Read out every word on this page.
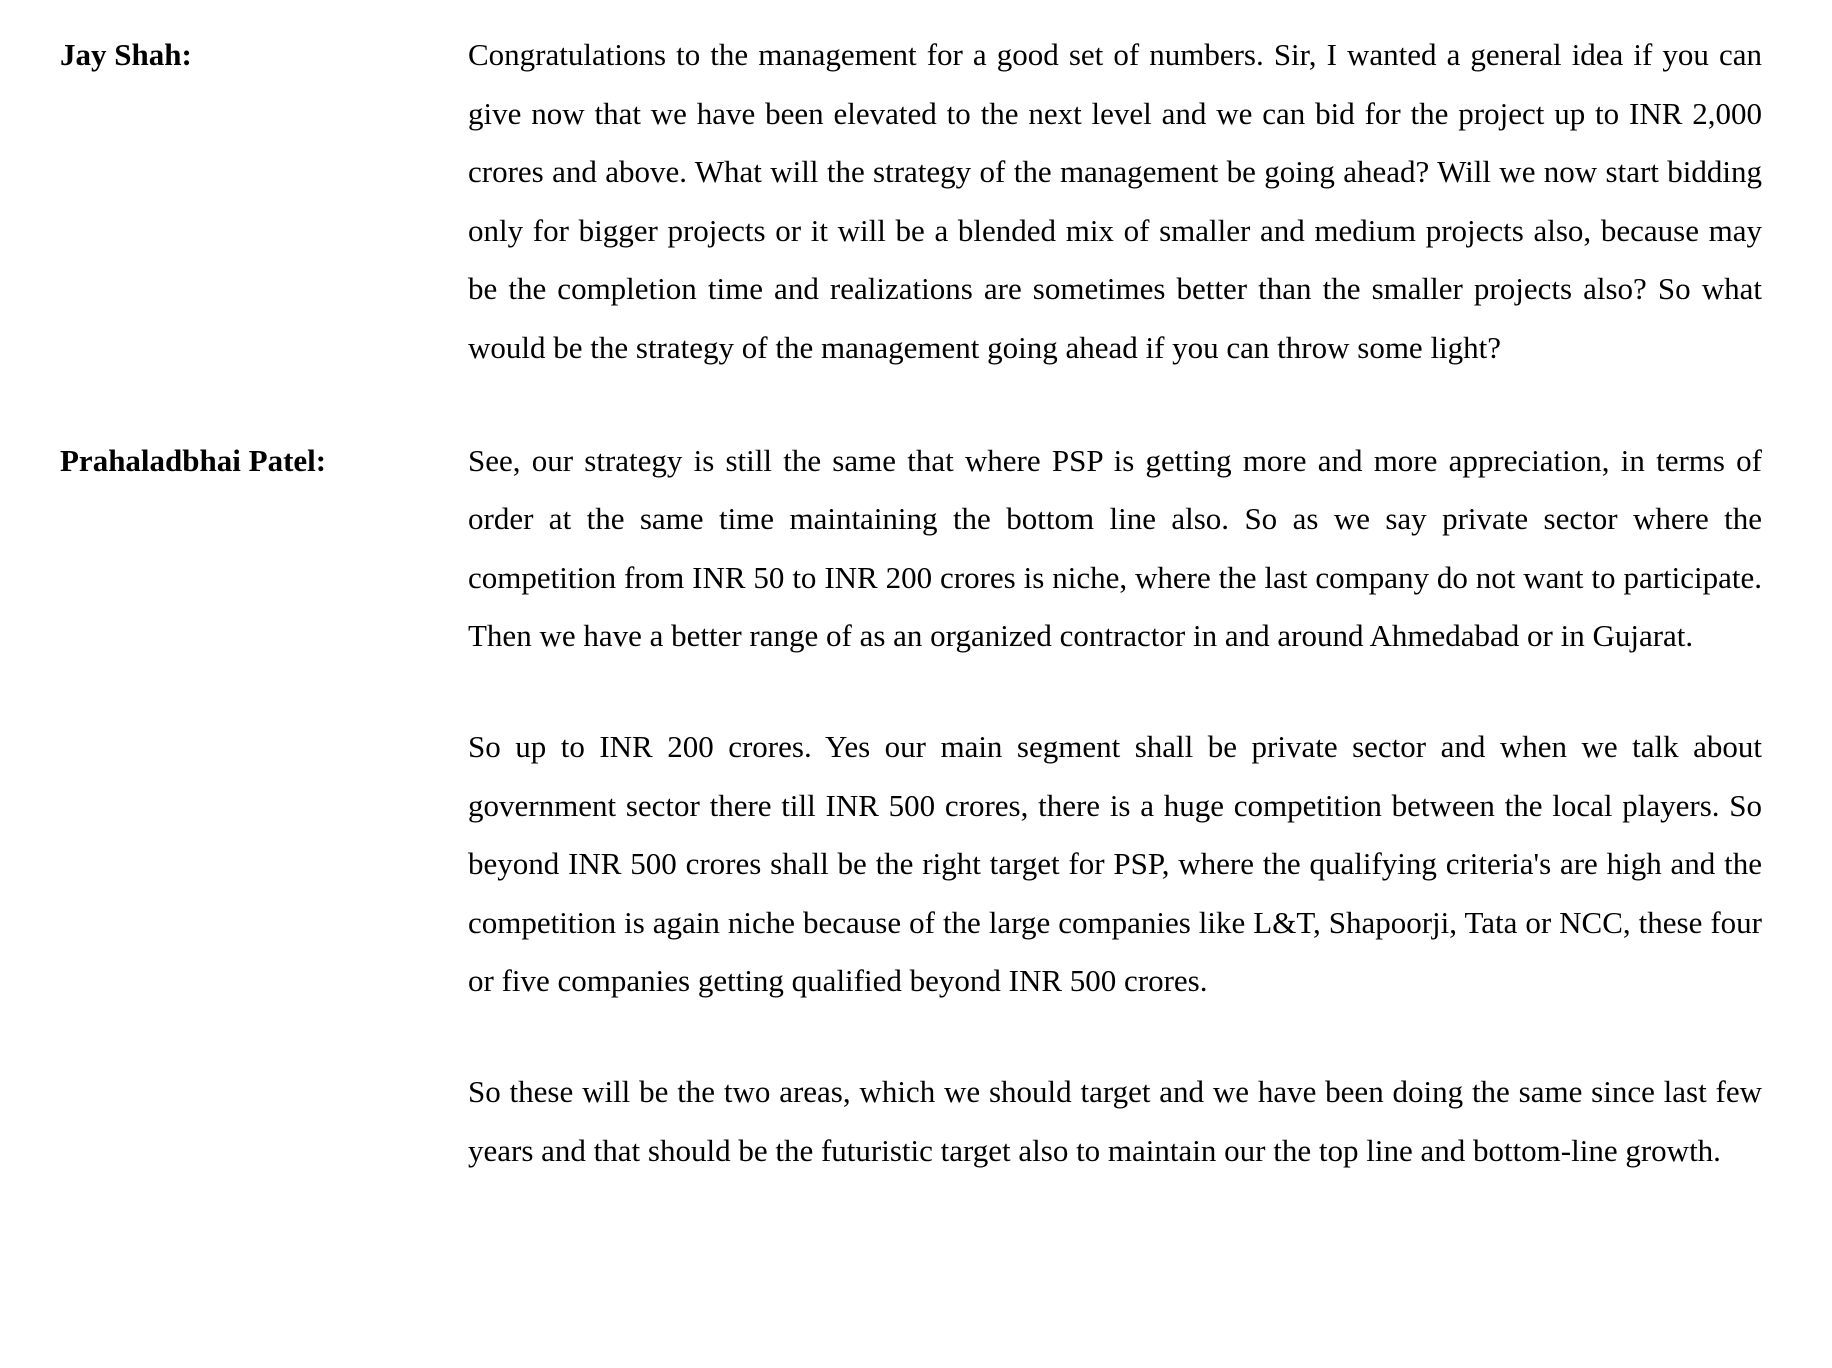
Jay Shah:	Congratulations to the management for a good set of numbers. Sir, I wanted a general idea if you can give now that we have been elevated to the next level and we can bid for the project up to INR 2,000 crores and above. What will the strategy of the management be going ahead? Will we now start bidding only for bigger projects or it will be a blended mix of smaller and medium projects also, because may be the completion time and realizations are sometimes better than the smaller projects also? So what would be the strategy of the management going ahead if you can throw some light?

Prahaladbhai Patel:	See, our strategy is still the same that where PSP is getting more and more appreciation, in terms of order at the same time maintaining the bottom line also. So as we say private sector where the competition from INR 50 to INR 200 crores is niche, where the last company do not want to participate. Then we have a better range of as an organized contractor in and around Ahmedabad or in Gujarat.

So up to INR 200 crores. Yes our main segment shall be private sector and when we talk about government sector there till INR 500 crores, there is a huge competition between the local players. So beyond INR 500 crores shall be the right target for PSP, where the qualifying criteria's are high and the competition is again niche because of the large companies like L&T, Shapoorji, Tata or NCC, these four or five companies getting qualified beyond INR 500 crores.

So these will be the two areas, which we should target and we have been doing the same since last few years and that should be the futuristic target also to maintain our the top line and bottom-line growth.
